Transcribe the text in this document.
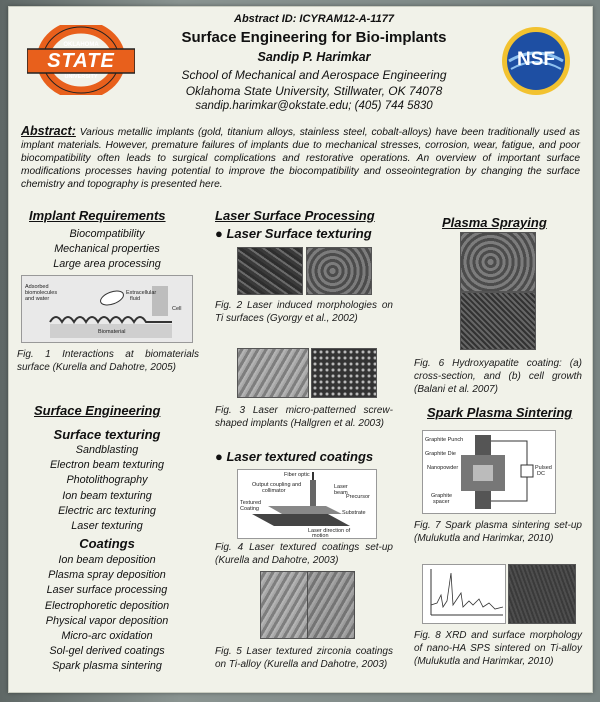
OKLAHOMA
STATE
UNIVERSITY
NSF
Abstract ID: ICYRAM12-A-1177
Surface Engineering for Bio-implants
Sandip P. Harimkar
School of Mechanical and Aerospace Engineering
Oklahoma State University, Stillwater, OK 74078
sandip.harimkar@okstate.edu; (405) 744 5830
Abstract: Various metallic implants (gold, titanium alloys, stainless steel, cobalt-alloys) have been traditionally used as implant materials. However, premature failures of implants due to mechanical stresses, corrosion, wear, fatigue, and poor biocompatibility often leads to surgical complications and restorative operations. An overview of important surface modifications processes having potential to improve the biocompatibility and osseointegration by changing the surface chemistry and topography is presented here.
Implant Requirements
Biocompatibility
Mechanical properties
Large area processing
Adsorbed
biomolecules
and water
Extracellular
fluid
Cell
Biomaterial
Fig. 1 Interactions at biomaterials surface (Kurella and Dahotre, 2005)
Surface Engineering
Surface texturing
Sandblasting
Electron beam texturing
Photolithography
Ion beam texturing
Electric arc texturing
Laser texturing
Coatings
Ion beam deposition
Plasma spray deposition
Laser surface processing
Electrophoretic deposition
Physical vapor deposition
Micro-arc oxidation
Sol-gel derived coatings
Spark plasma sintering
Laser Surface Processing
● Laser Surface texturing
Fig. 2 Laser induced morphologies on Ti surfaces (Gyorgy et al., 2002)
Fig. 3 Laser micro-patterned screw-shaped implants (Hallgren et al. 2003)
● Laser textured coatings
Fiber optic
Output coupling and
collimator
Laser
beam
Precursor
Textured
Coating
Substrate
Laser direction of
motion
Fig. 4 Laser textured coatings set-up (Kurella and Dahotre, 2003)
Fig. 5 Laser textured zirconia coatings on Ti-alloy (Kurella and Dahotre, 2003)
Plasma Spraying
Fig. 6 Hydroxyapatite coating: (a) cross-section, and (b) cell growth (Balani et al. 2007)
Spark Plasma Sintering
Graphite Punch
Graphite Die
Nanopowder
Graphite
spacer
Pulsed
DC
Fig. 7 Spark plasma sintering set-up (Mulukutla and Harimkar, 2010)
Fig. 8 XRD and surface morphology of nano-HA SPS sintered on Ti-alloy (Mulukutla and Harimkar, 2010)
